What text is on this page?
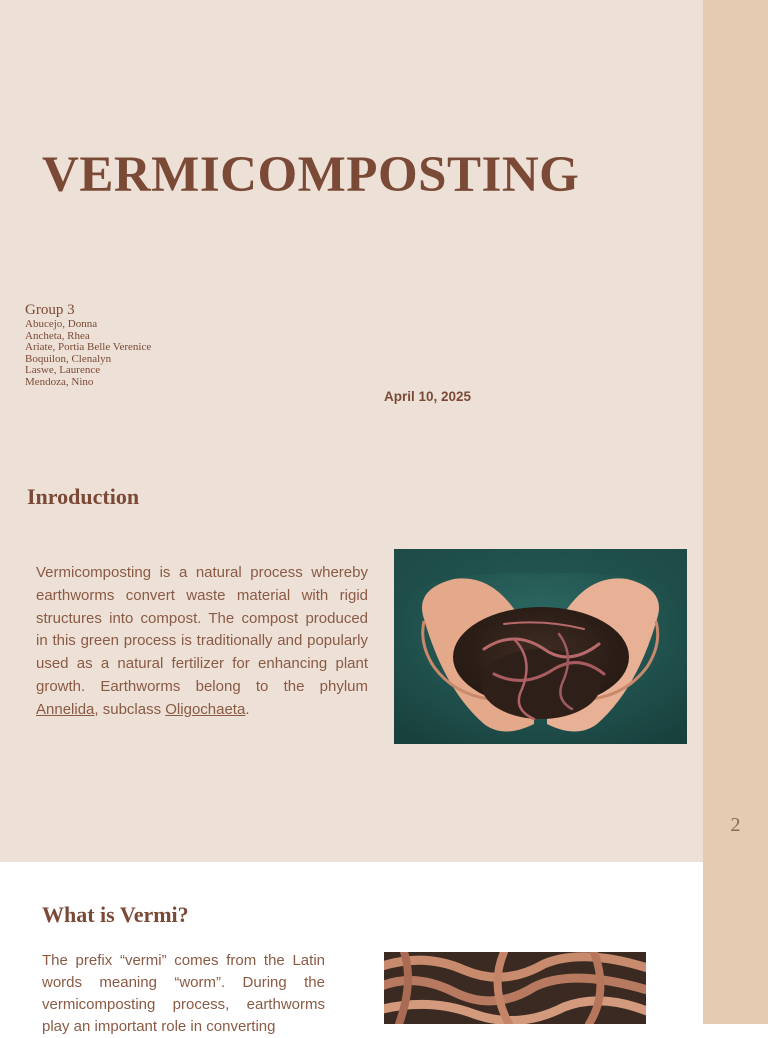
VERMICOMPOSTING
Group 3
Abucejo, Donna
Ancheta, Rhea
Ariate, Portia Belle Verenice
Boquilon, Clenalyn
Laswe, Laurence
Mendoza, Nino
April 10, 2025
Inroduction

Vermicomposting is a natural process whereby earthworms convert waste material with rigid structures into compost. The compost produced in this green process is traditionally and popularly used as a natural fertilizer for enhancing plant growth. Earthworms belong to the phylum Annelida, subclass Oligochaeta.

2
What is Vermi?

The prefix “vermi” comes from the Latin words meaning “worm”. During the vermicomposting process, earthworms play an important role in converting
